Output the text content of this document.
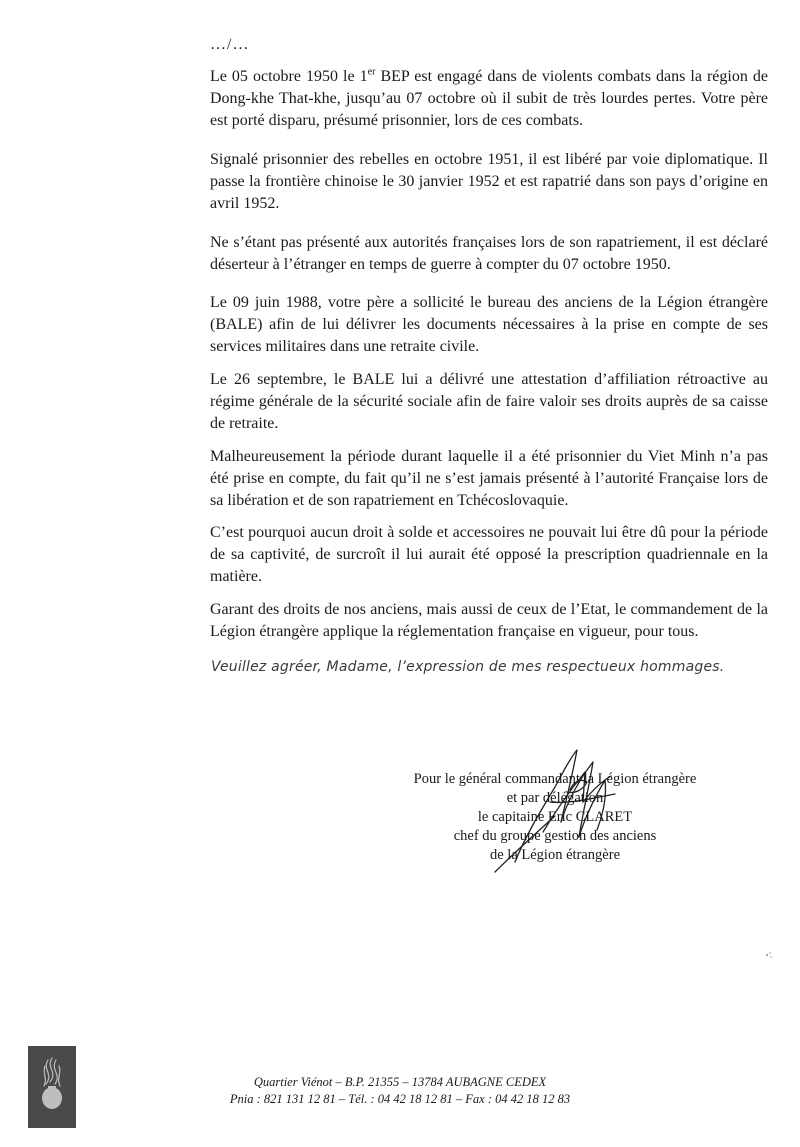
…/…

Le 05 octobre 1950 le 1er BEP est engagé dans de violents combats dans la région de Dong-khe That-khe, jusqu’au 07 octobre où il subit de très lourdes pertes. Votre père est porté disparu, présumé prisonnier, lors de ces combats.

Signalé prisonnier des rebelles en octobre 1951, il est libéré par voie diplomatique. Il passe la frontière chinoise le 30 janvier 1952 et est rapatrié dans son pays d’origine en avril 1952.

Ne s’étant pas présenté aux autorités françaises lors de son rapatriement, il est déclaré déserteur à l’étranger en temps de guerre à compter du 07 octobre 1950.

Le 09 juin 1988, votre père a sollicité le bureau des anciens de la Légion étrangère (BALE) afin de lui délivrer les documents nécessaires à la prise en compte de ses services militaires dans une retraite civile.

Le 26 septembre, le BALE lui a délivré une attestation d’affiliation rétroactive au régime générale de la sécurité sociale afin de faire valoir ses droits auprès de sa caisse de retraite.

Malheureusement la période durant laquelle il a été prisonnier du Viet Minh n’a pas été prise en compte, du fait qu’il ne s’est jamais présenté à l’autorité Française lors de sa libération et de son rapatriement en Tchécoslovaquie.

C’est pourquoi aucun droit à solde et accessoires ne pouvait lui être dû pour la période de sa captivité, de surcroît il lui aurait été opposé la prescription quadriennale en la matière.

Garant des droits de nos anciens, mais aussi de ceux de l’Etat, le commandement de la Légion étrangère applique la réglementation française en vigueur, pour tous.

Veuillez agréer, Madame, l’expression de mes respectueux hommages.
Pour le général commandant la Légion étrangère
et par délégation
le capitaine Eric CLARET
chef du groupe gestion des anciens
de la Légion étrangère
Quartier Viénot – B.P. 21355 – 13784 AUBAGNE CEDEX
Pnia : 821 131 12 81 – Tél. : 04 42 18 12 81 – Fax : 04 42 18 12 83
